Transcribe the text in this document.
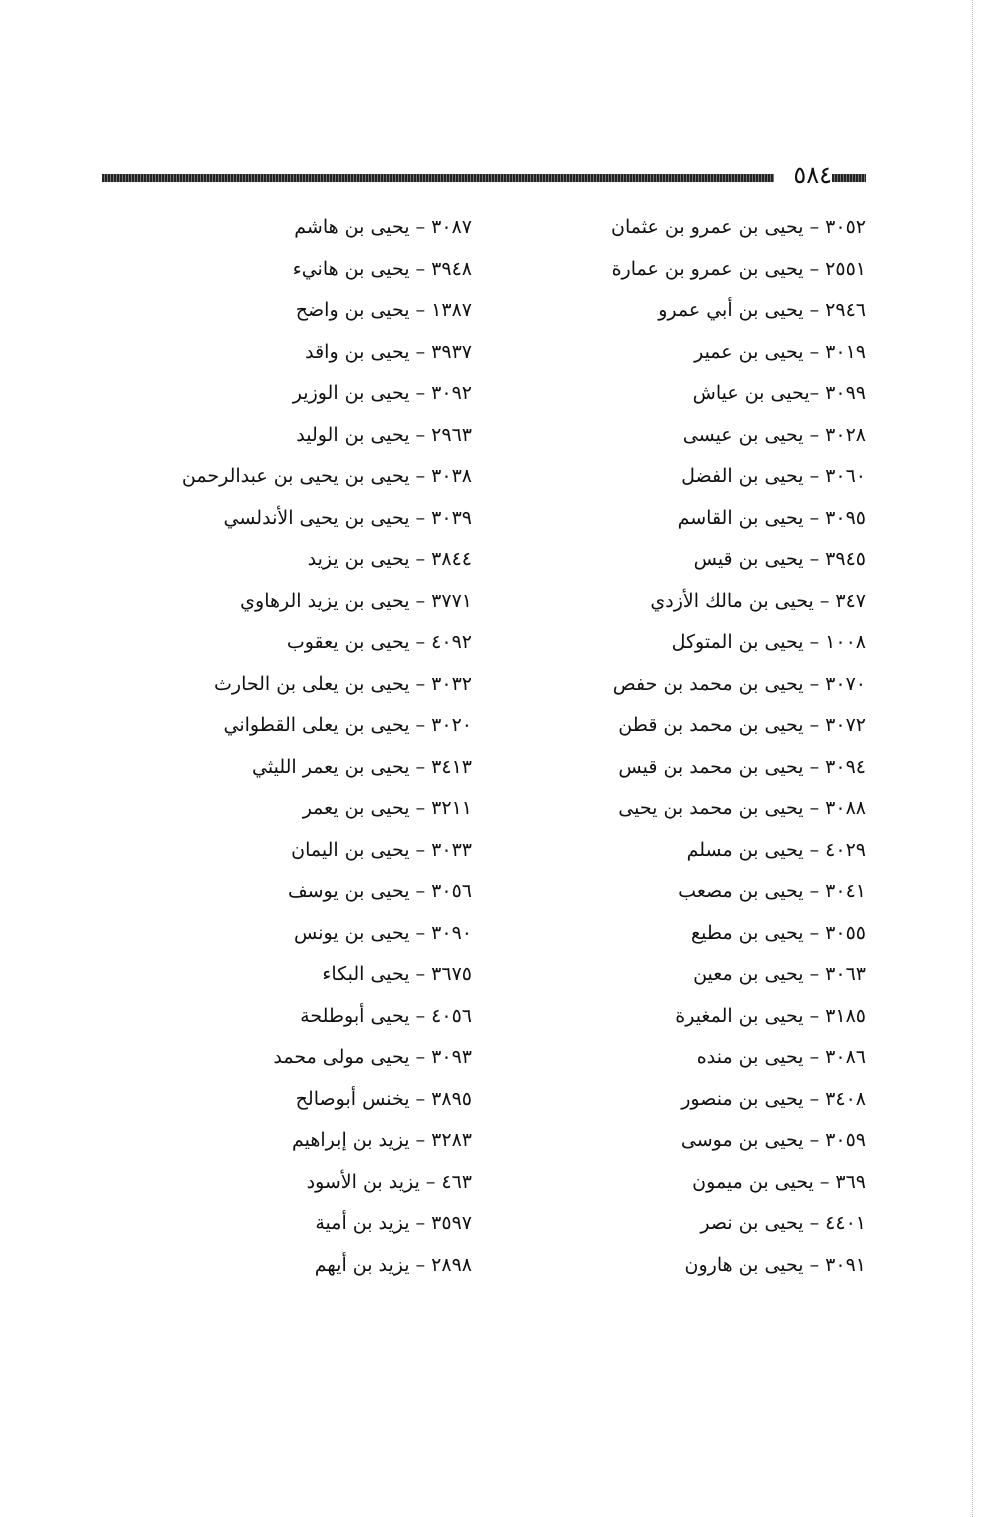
٥٨٤
٣٠٥٢ – يحيى بن عمرو بن عثمان
٢٥٥١ – يحيى بن عمرو بن عمارة
٢٩٤٦ – يحيى بن أبي عمرو
٣٠١٩ – يحيى بن عمير
٣٠٩٩ –يحيى بن عياش
٣٠٢٨ – يحيى بن عيسى
٣٠٦٠ – يحيى بن الفضل
٣٠٩٥ – يحيى بن القاسم
٣٩٤٥ – يحيى بن قيس
٣٤٧ – يحيى بن مالك الأزدي
١٠٠٨ – يحيى بن المتوكل
٣٠٧٠ – يحيى بن محمد بن حفص
٣٠٧٢ – يحيى بن محمد بن قطن
٣٠٩٤ – يحيى بن محمد بن قيس
٣٠٨٨ – يحيى بن محمد بن يحيى
٤٠٢٩ – يحيى بن مسلم
٣٠٤١ – يحيى بن مصعب
٣٠٥٥ – يحيى بن مطيع
٣٠٦٣ – يحيى بن معين
٣١٨٥ – يحيى بن المغيرة
٣٠٨٦ – يحيى بن منده
٣٤٠٨ – يحيى بن منصور
٣٠٥٩ – يحيى بن موسى
٣٦٩ – يحيى بن ميمون
٤٤٠١ – يحيى بن نصر
٣٠٩١ – يحيى بن هارون
٣٠٨٧ – يحيى بن هاشم
٣٩٤٨ – يحيى بن هانيء
١٣٨٧ – يحيى بن واضح
٣٩٣٧ – يحيى بن واقد
٣٠٩٢ – يحيى بن الوزير
٢٩٦٣ – يحيى بن الوليد
٣٠٣٨ – يحيى بن يحيى بن عبدالرحمن
٣٠٣٩ – يحيى بن يحيى الأندلسي
٣٨٤٤ – يحيى بن يزيد
٣٧٧١ – يحيى بن يزيد الرهاوي
٤٠٩٢ – يحيى بن يعقوب
٣٠٣٢ – يحيى بن يعلى بن الحارث
٣٠٢٠ – يحيى بن يعلى القطواني
٣٤١٣ – يحيى بن يعمر الليثي
٣٢١١ – يحيى بن يعمر
٣٠٣٣ – يحيى بن اليمان
٣٠٥٦ – يحيى بن يوسف
٣٠٩٠ – يحيى بن يونس
٣٦٧٥ – يحيى البكاء
٤٠٥٦ – يحيى أبوطلحة
٣٠٩٣ – يحيى مولى محمد
٣٨٩٥ – يخنس أبوصالح
٣٢٨٣ – يزيد بن إبراهيم
٤٦٣ – يزيد بن الأسود
٣٥٩٧ – يزيد بن أمية
٢٨٩٨ – يزيد بن أيهم
